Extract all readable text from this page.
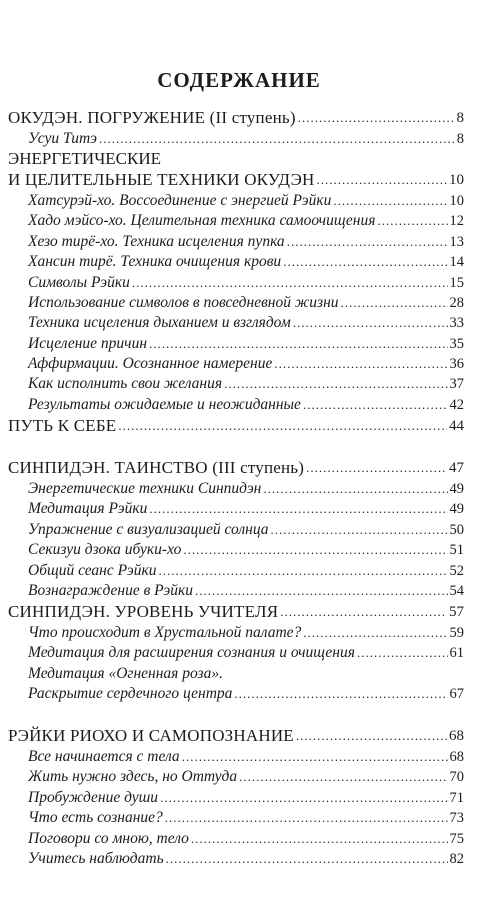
СОДЕРЖАНИЕ
ОКУДЭН. ПОГРУЖЕНИЕ (II ступень) .....	8
Усуи Титэ .....	8
ЭНЕРГЕТИЧЕСКИЕ
И ЦЕЛИТЕЛЬНЫЕ ТЕХНИКИ ОКУДЭН .....	10
Хатсурэй-хо. Воссоединение с энергией Рэйки .....	10
Хадо мэйсо-хо. Целительная техника самоочищения .....	12
Хезо тирё-хо. Техника исцеления пупка .....	13
Хансин тирё. Техника очищения крови .....	14
Символы Рэйки .....	15
Использование символов в повседневной жизни .....	28
Техника исцеления дыханием и взглядом .....	33
Исцеление причин .....	35
Аффирмации. Осознанное намерение .....	36
Как исполнить свои желания .....	37
Результаты ожидаемые и неожиданные .....	42
ПУТЬ К СЕБЕ .....	44
СИНПИДЭН. ТАИНСТВО (III ступень) .....	47
Энергетические техники Синпидэн .....	49
Медитация Рэйки .....	49
Упражнение с визуализацией солнца .....	50
Секизуи дзока ибуки-хо .....	51
Общий сеанс Рэйки .....	52
Вознаграждение в Рэйки .....	54
СИНПИДЭН. УРОВЕНЬ УЧИТЕЛЯ .....	57
Что происходит в Хрустальной палате? .....	59
Медитация для расширения сознания и очищения .....	61
Медитация «Огненная роза».
Раскрытие сердечного центра .....	67
РЭЙКИ РИОХО И САМОПОЗНАНИЕ .....	68
Все начинается с тела .....	68
Жить нужно здесь, но Оттуда .....	70
Пробуждение души .....	71
Что есть сознание? .....	73
Поговори со мною, тело .....	75
Учитесь наблюдать .....	82
